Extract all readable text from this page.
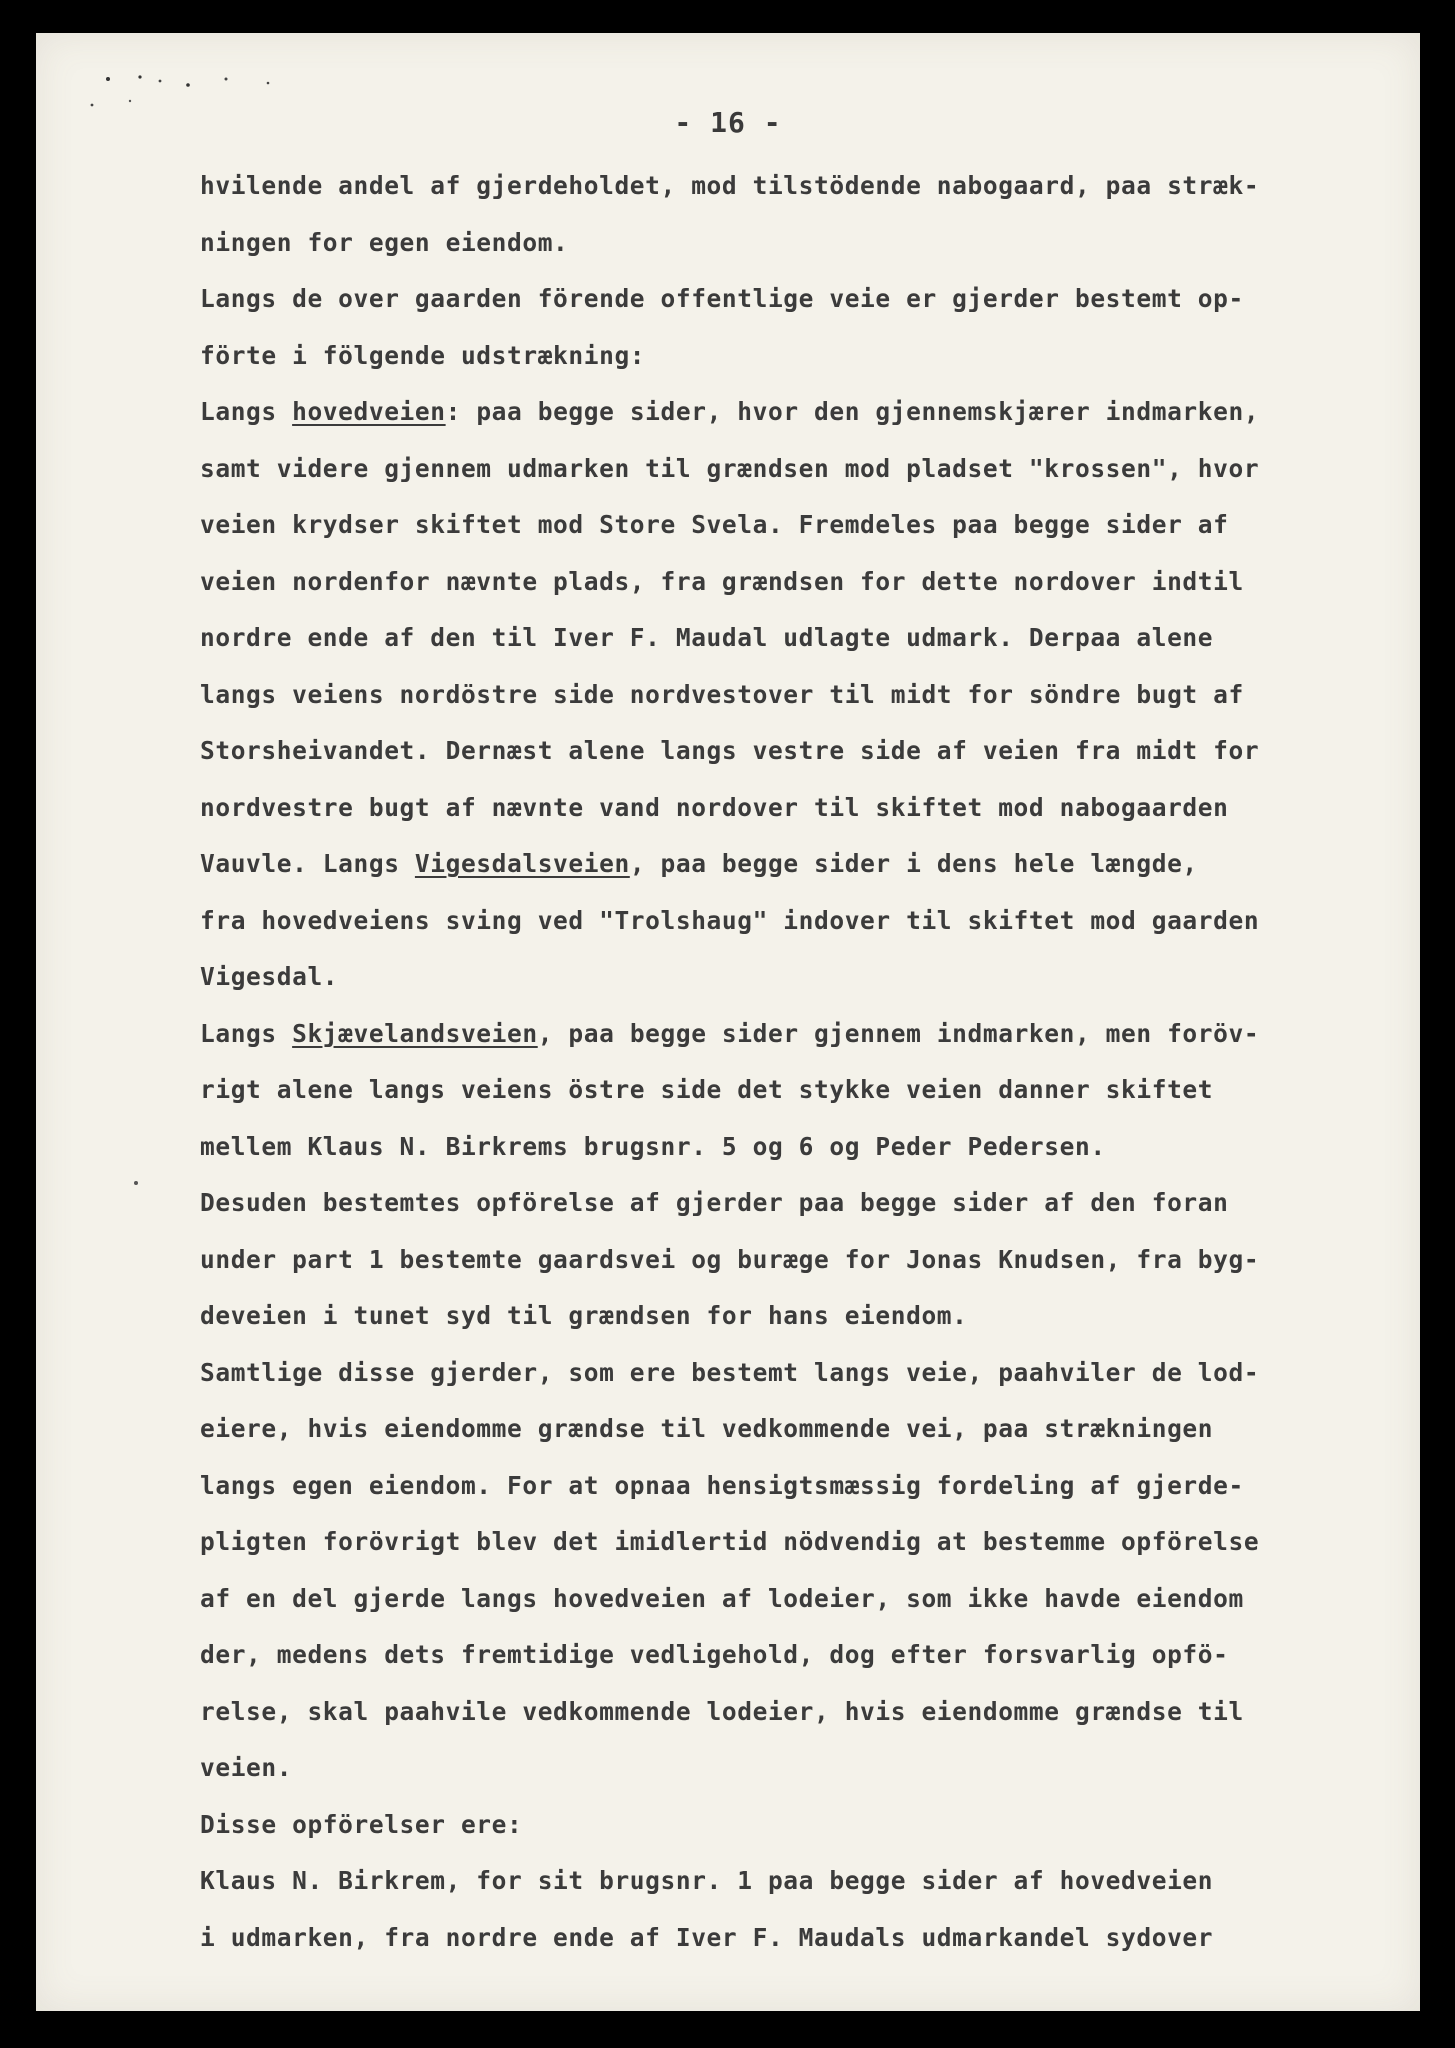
- 16 -
hvilende andel af gjerdeholdet, mod tilstödende nabogaard, paa stræk-
ningen for egen eiendom.
Langs de over gaarden förende offentlige veie er gjerder bestemt op-
förte i fölgende udstrækning:
Langs hovedveien: paa begge sider, hvor den gjennemskjærer indmarken,
samt videre gjennem udmarken til grændsen mod pladset "krossen", hvor
veien krydser skiftet mod Store Svela. Fremdeles paa begge sider af
veien nordenfor nævnte plads, fra grændsen for dette nordover indtil
nordre ende af den til Iver F. Maudal udlagte udmark. Derpaa alene
langs veiens nordöstre side nordvestover til midt for söndre bugt af
Storsheivandet. Dernæst alene langs vestre side af veien fra midt for
nordvestre bugt af nævnte vand nordover til skiftet mod nabogaarden
Vauvle. Langs Vigesdalsveien, paa begge sider i dens hele længde,
fra hovedveiens sving ved "Trolshaug" indover til skiftet mod gaarden
Vigesdal.
Langs Skjævelandsveien, paa begge sider gjennem indmarken, men foröv-
rigt alene langs veiens östre side det stykke veien danner skiftet
mellem Klaus N. Birkrems brugsnr. 5 og 6 og Peder Pedersen.
Desuden bestemtes opförelse af gjerder paa begge sider af den foran
under part 1 bestemte gaardsvei og buræge for Jonas Knudsen, fra byg-
deveien i tunet syd til grændsen for hans eiendom.
Samtlige disse gjerder, som ere bestemt langs veie, paahviler de lod-
eiere, hvis eiendomme grændse til vedkommende vei, paa strækningen
langs egen eiendom. For at opnaa hensigtsmæssig fordeling af gjerde-
pligten forövrigt blev det imidlertid nödvendig at bestemme opförelse
af en del gjerde langs hovedveien af lodeier, som ikke havde eiendom
der, medens dets fremtidige vedligehold, dog efter forsvarlig opfö-
relse, skal paahvile vedkommende lodeier, hvis eiendomme grændse til
veien.
Disse opförelser ere:
Klaus N. Birkrem, for sit brugsnr. 1 paa begge sider af hovedveien
i udmarken, fra nordre ende af Iver F. Maudals udmarkandel sydover
